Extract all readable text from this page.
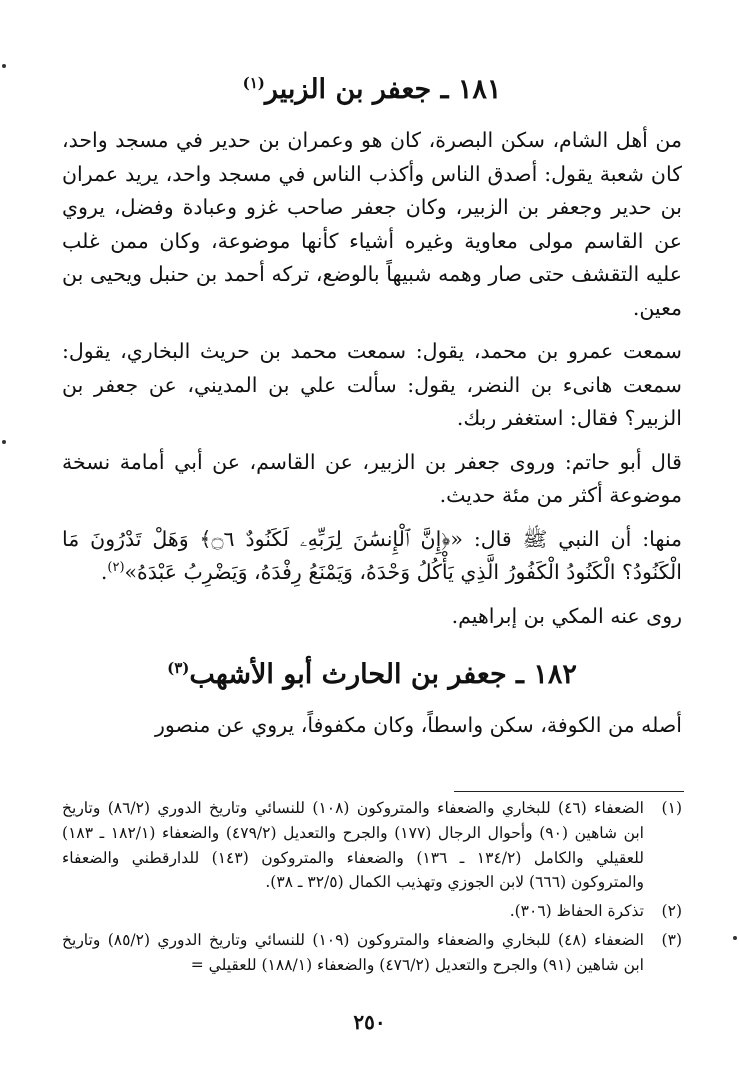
١٨١ ـ جعفر بن الزبير$^{(١)}$

من أهل الشام، سكن البصرة، كان هو وعمران بن حدير في مسجد واحد، كان شعبة يقول: أصدق الناس وأكذب الناس في مسجد واحد، يريد عمران بن حدير وجعفر بن الزبير، وكان جعفر صاحب غزو وعبادة وفضل، يروي عن القاسم مولى معاوية وغيره أشياء كأنها موضوعة، وكان ممن غلب عليه التقشف حتى صار وهمه شبيهاً بالوضع، تركه أحمد بن حنبل ويحيى بن معين.

سمعت عمرو بن محمد، يقول: سمعت محمد بن حريث البخاري، يقول: سمعت هانىء بن النضر، يقول: سألت علي بن المديني، عن جعفر بن الزبير؟ فقال: استغفر ربك.

قال أبو حاتم: وروى جعفر بن الزبير، عن القاسم، عن أبي أمامة نسخة موضوعة أكثر من مئة حديث.

منها: أن النبي ﷺ قال: «﴿إِنَّ ٱلْإِنسَٰنَ لِرَبِّهِۦ لَكَنُودٌ ۝٦﴾ وَهَلْ تَدْرُونَ مَا الْكَنُودُ؟ الْكَنُودُ الْكَفُورُ الَّذِي يَأْكُلُ وَحْدَهُ، وَيَمْنَعُ رِفْدَهُ، وَيَضْرِبُ عَبْدَهُ»$^{(٢)}$.

روى عنه المكي بن إبراهيم.

١٨٢ ـ جعفر بن الحارث أبو الأشهب$^{(٣)}$

أصله من الكوفة، سكن واسطاً، وكان مكفوفاً، يروي عن منصور

(١)
الضعفاء (٤٦) للبخاري والضعفاء والمتروكون (١٠٨) للنسائي وتاريخ الدوري (٨٦/٢) وتاريخ ابن شاهين (٩٠) وأحوال الرجال (١٧٧) والجرح والتعديل (٤٧٩/٢) والضعفاء (١٨٢/١ ـ ١٨٣) للعقيلي والكامل (١٣٤/٢ ـ ١٣٦) والضعفاء والمتروكون (١٤٣) للدارقطني والضعفاء والمتروكون (٦٦٦) لابن الجوزي وتهذيب الكمال (٣٢/٥ ـ ٣٨).
(٢)
تذكرة الحفاظ (٣٠٦).
(٣)
الضعفاء (٤٨) للبخاري والضعفاء والمتروكون (١٠٩) للنسائي وتاريخ الدوري (٨٥/٢) وتاريخ ابن شاهين (٩١) والجرح والتعديل (٤٧٦/٢) والضعفاء (١٨٨/١) للعقيلي =
٢٥٠
